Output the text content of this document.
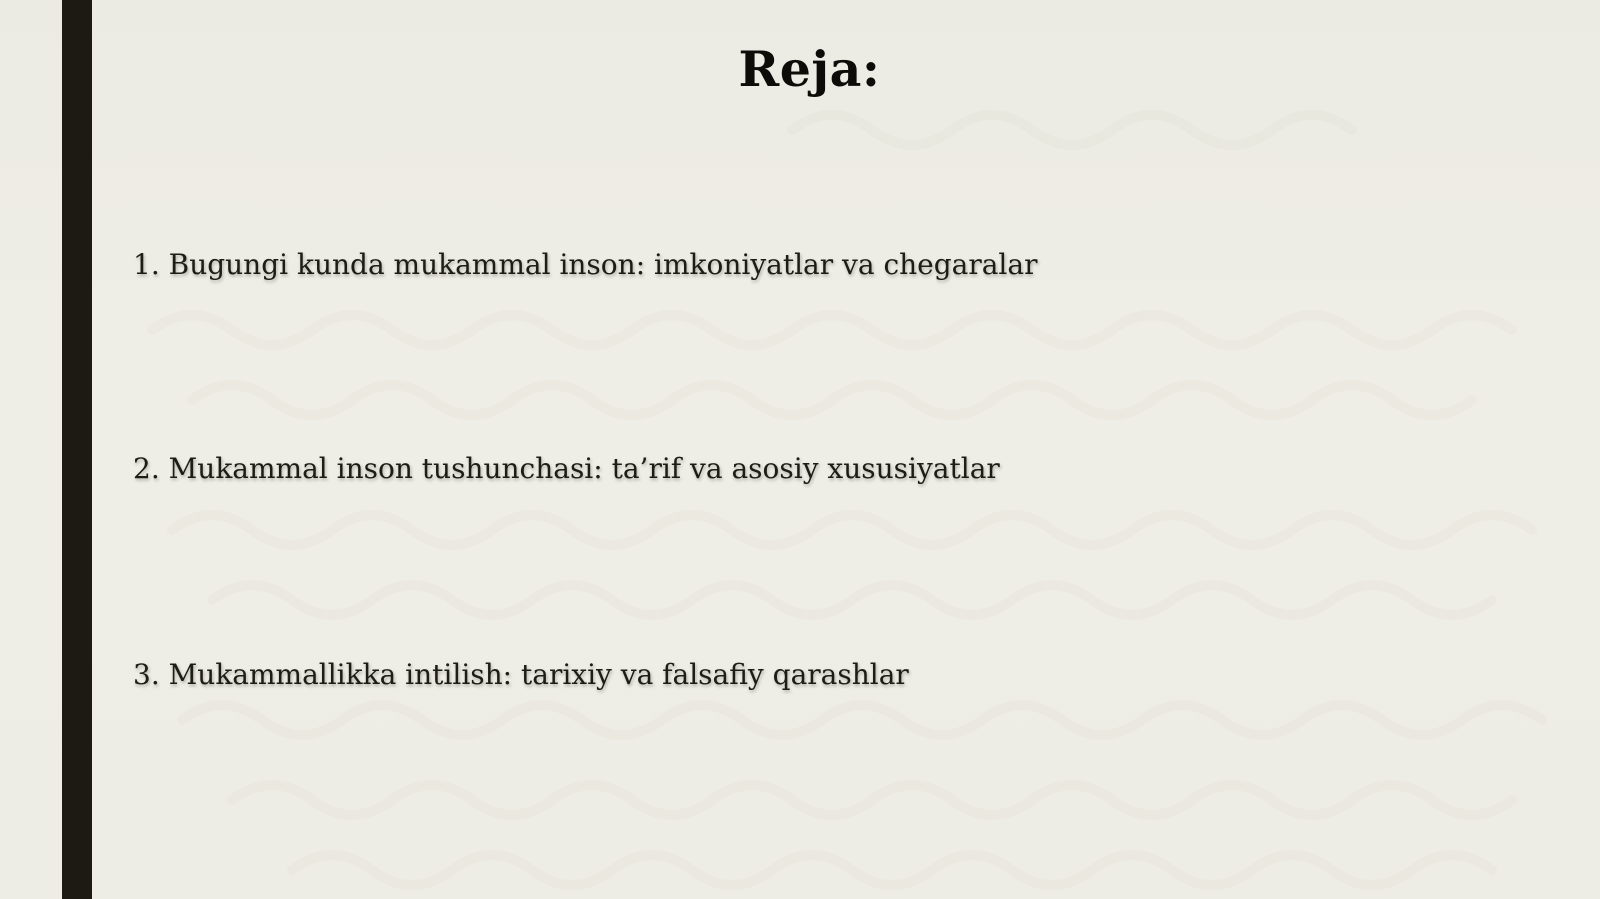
Reja:
1. Bugungi kunda mukammal inson: imkoniyatlar va chegaralar
2. Mukammal inson tushunchasi: ta’rif va asosiy xususiyatlar
3. Mukammallikka intilish: tarixiy va falsafiy qarashlar
